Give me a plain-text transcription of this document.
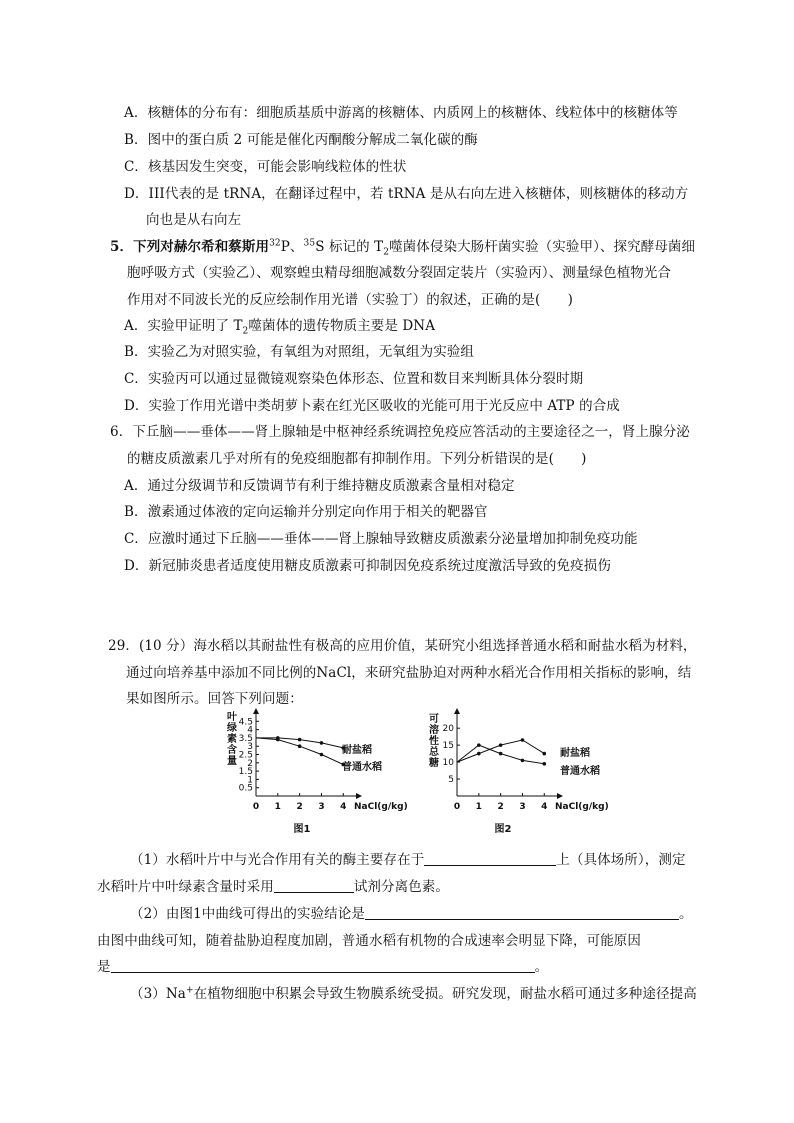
A．核糖体的分布有：细胞质基质中游离的核糖体、内质网上的核糖体、线粒体中的核糖体等
B．图中的蛋白质 2 可能是催化丙酮酸分解成二氧化碳的酶
C．核基因发生突变，可能会影响线粒体的性状
D．III代表的是 tRNA，在翻译过程中，若 tRNA 是从右向左进入核糖体，则核糖体的移动方
向也是从右向左
5．下列对赫尔希和蔡斯用$^{32}$P、$^{35}$S 标记的 $T_2$噬菌体侵染大肠杆菌实验（实验甲）、探究酵母菌细
胞呼吸方式（实验乙）、观察蝗虫精母细胞减数分裂固定装片（实验丙）、测量绿色植物光合
作用对不同波长光的反应绘制作用光谱（实验丁）的叙述，正确的是(　　)
A．实验甲证明了 $T_2$噬菌体的遗传物质主要是 DNA
B．实验乙为对照实验，有氧组为对照组，无氧组为实验组
C．实验丙可以通过显微镜观察染色体形态、位置和数目来判断具体分裂时期
D．实验丁作用光谱中类胡萝卜素在红光区吸收的光能可用于光反应中 ATP 的合成
6．下丘脑——垂体——肾上腺轴是中枢神经系统调控免疫应答活动的主要途径之一，肾上腺分泌
的糖皮质激素几乎对所有的免疫细胞都有抑制作用。下列分析错误的是(　　)
A．通过分级调节和反馈调节有利于维持糖皮质激素含量相对稳定
B．激素通过体液的定向运输并分别定向作用于相关的靶器官
C．应激时通过下丘脑——垂体——肾上腺轴导致糖皮质激素分泌量增加抑制免疫功能
D．新冠肺炎患者适度使用糖皮质激素可抑制因免疫系统过度激活导致的免疫损伤
29．(10 分）海水稻以其耐盐性有极高的应用价值，某研究小组选择普通水稻和耐盐水稻为材料，
通过向培养基中添加不同比例的NaCl，来研究盐胁迫对两种水稻光合作用相关指标的影响，结
果如图所示。回答下列问题：
0.5
1
1.5
2
2.5
3
3.5
4
4.5
0 1 2 3 4 NaCl(g/kg)
叶
绿
素
含
量
耐盐稻
普通水稻
图1
5
10
15
20
0 1 2 3 4 NaCl(g/kg)
可
溶
性
总
糖
耐盐稻
普通水稻
图2
（1）水稻叶片中与光合作用有关的酶主要存在于	上（具体场所），测定
水稻叶片中叶绿素含量时采用	试剂分离色素。
（2）由图1中曲线可得出的实验结论是	。
由图中曲线可知，随着盐胁迫程度加剧，普通水稻有机物的合成速率会明显下降，可能原因
是	。
（3）Na+在植物细胞中积累会导致生物膜系统受损。研究发现，耐盐水稻可通过多种途径提高
